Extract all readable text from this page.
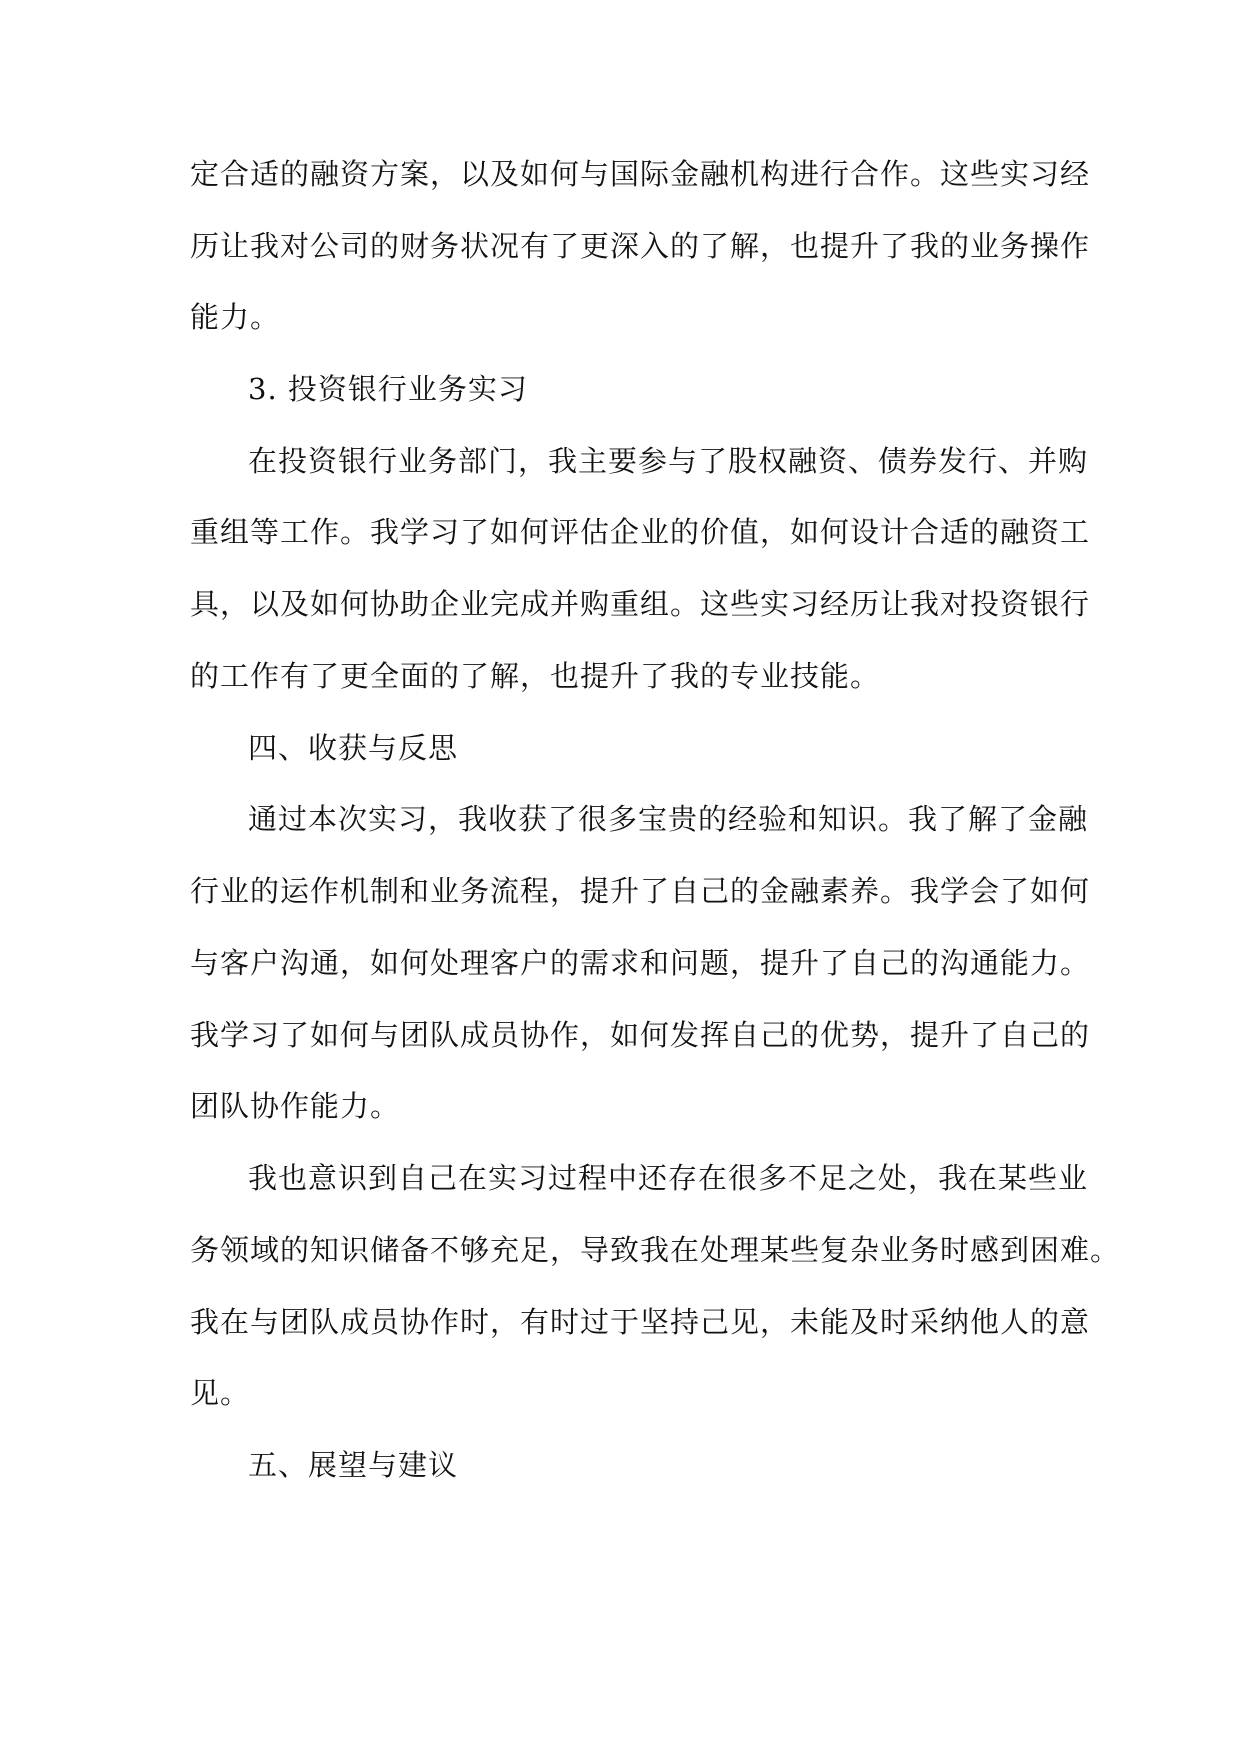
定合适的融资方案，以及如何与国际金融机构进行合作。这些实习经

历让我对公司的财务状况有了更深入的了解，也提升了我的业务操作

能力。

3. 投资银行业务实习

在投资银行业务部门，我主要参与了股权融资、债券发行、并购

重组等工作。我学习了如何评估企业的价值，如何设计合适的融资工

具，以及如何协助企业完成并购重组。这些实习经历让我对投资银行

的工作有了更全面的了解，也提升了我的专业技能。

四、收获与反思

通过本次实习，我收获了很多宝贵的经验和知识。我了解了金融

行业的运作机制和业务流程，提升了自己的金融素养。我学会了如何

与客户沟通，如何处理客户的需求和问题，提升了自己的沟通能力。

我学习了如何与团队成员协作，如何发挥自己的优势，提升了自己的

团队协作能力。

我也意识到自己在实习过程中还存在很多不足之处，我在某些业

务领域的知识储备不够充足，导致我在处理某些复杂业务时感到困难。

我在与团队成员协作时，有时过于坚持己见，未能及时采纳他人的意

见。

五、展望与建议
